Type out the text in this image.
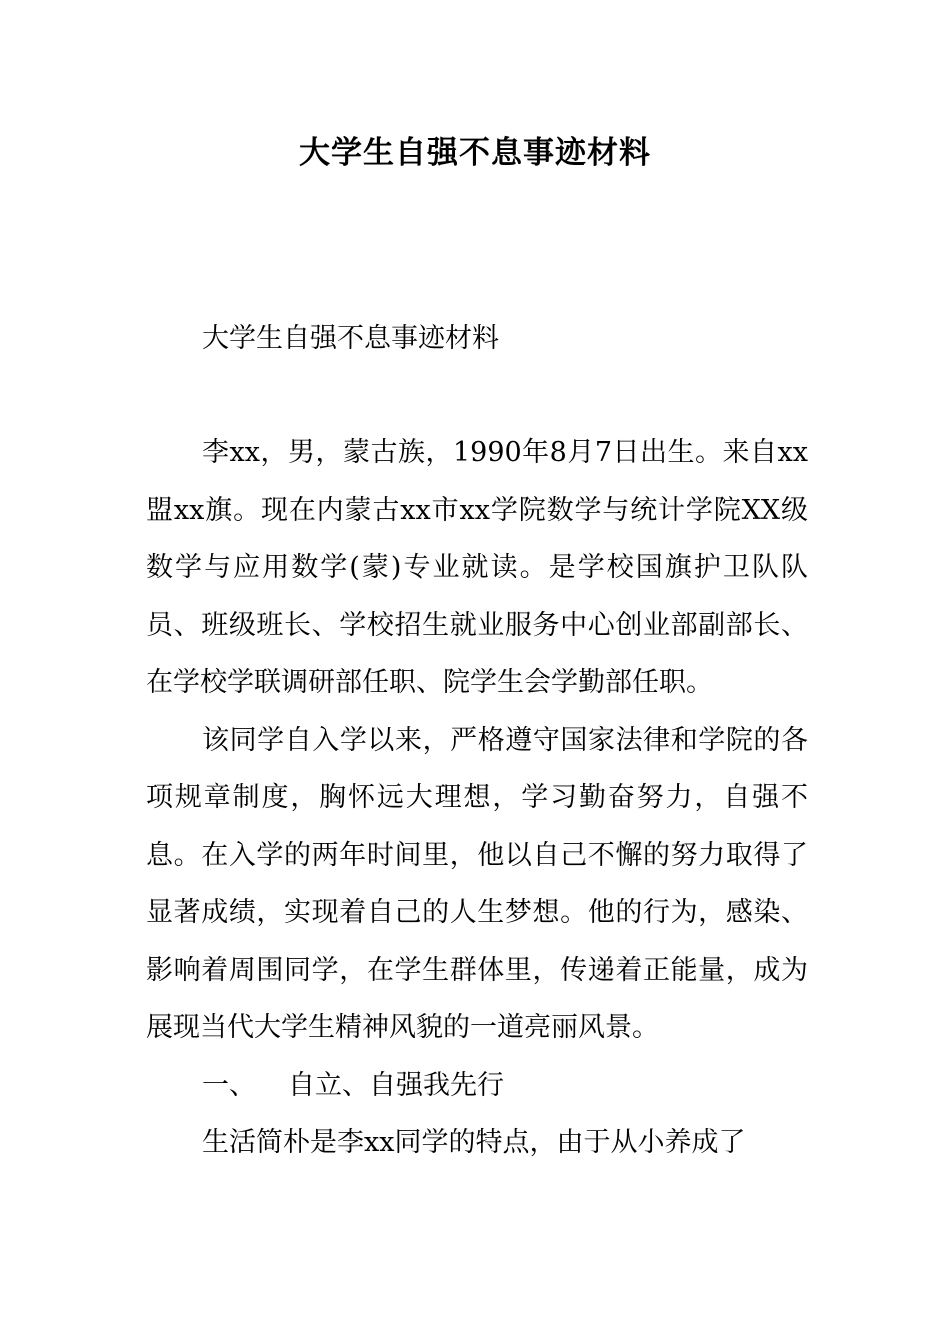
大学生自强不息事迹材料

大学生自强不息事迹材料

李xx，男，蒙古族，1990年8月7日出生。来自xx盟xx旗。现在内蒙古xx市xx学院数学与统计学院XX级数学与应用数学(蒙)专业就读。是学校国旗护卫队队员、班级班长、学校招生就业服务中心创业部副部长、在学校学联调研部任职、院学生会学勤部任职。

该同学自入学以来，严格遵守国家法律和学院的各项规章制度，胸怀远大理想，学习勤奋努力，自强不息。在入学的两年时间里，他以自己不懈的努力取得了显著成绩，实现着自己的人生梦想。他的行为，感染、影响着周围同学，在学生群体里，传递着正能量，成为展现当代大学生精神风貌的一道亮丽风景。

一、 自立、自强我先行

生活简朴是李xx同学的特点，由于从小养成了
